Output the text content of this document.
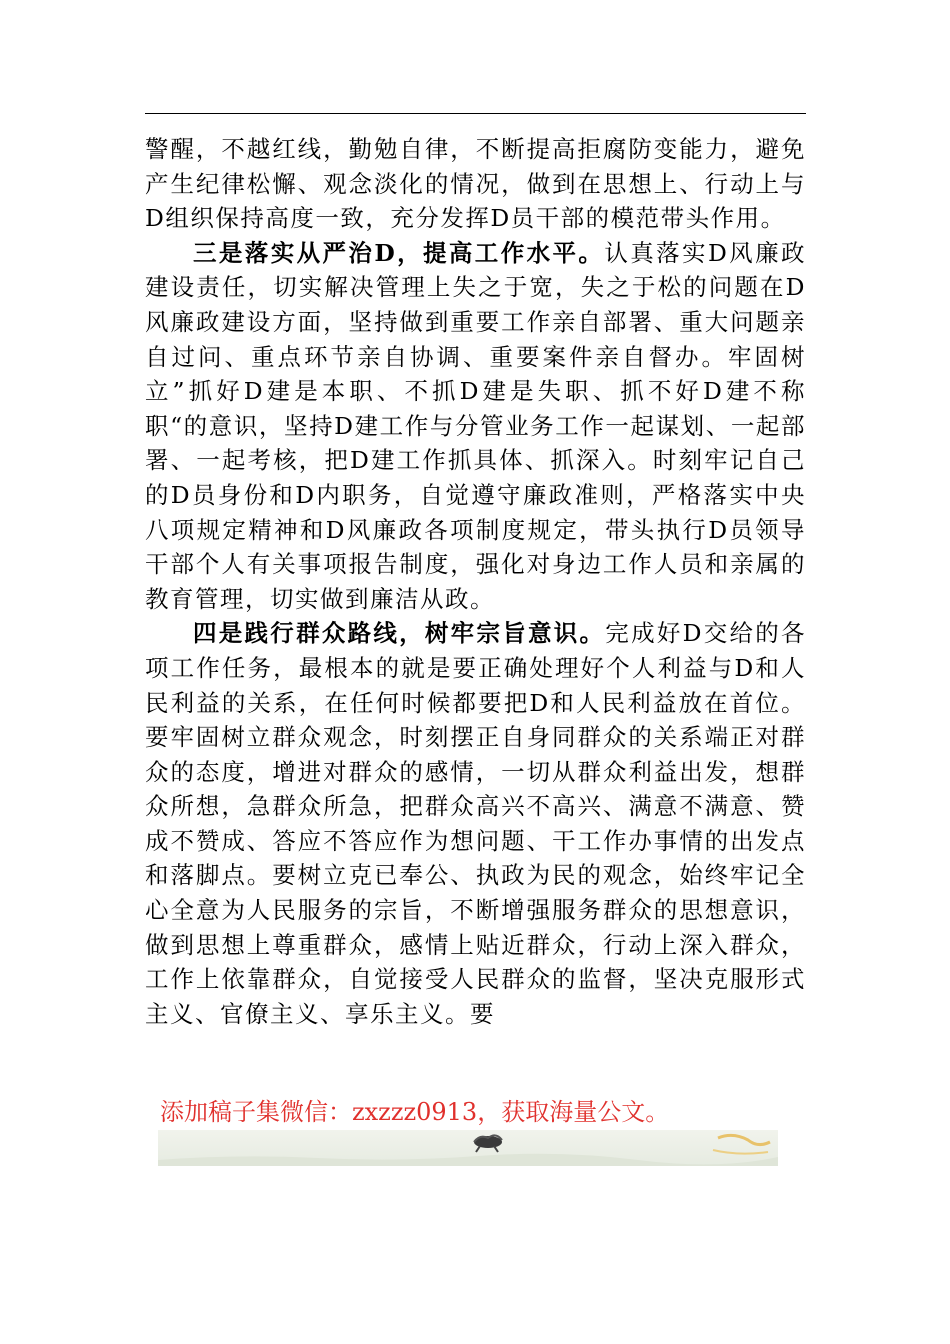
警醒，不越红线，勤勉自律，不断提高拒腐防变能力，避免产生纪律松懈、观念淡化的情况，做到在思想上、行动上与D组织保持高度一致，充分发挥D员干部的模范带头作用。

三是落实从严治D，提高工作水平。认真落实D风廉政建设责任，切实解决管理上失之于宽，失之于松的问题在D风廉政建设方面，坚持做到重要工作亲自部署、重大问题亲自过问、重点环节亲自协调、重要案件亲自督办。牢固树立”抓好D建是本职、不抓D建是失职、抓不好D建不称职“的意识，坚持D建工作与分管业务工作一起谋划、一起部署、一起考核，把D建工作抓具体、抓深入。时刻牢记自己的D员身份和D内职务，自觉遵守廉政准则，严格落实中央八项规定精神和D风廉政各项制度规定，带头执行D员领导干部个人有关事项报告制度，强化对身边工作人员和亲属的教育管理，切实做到廉洁从政。

四是践行群众路线，树牢宗旨意识。完成好D交给的各项工作任务，最根本的就是要正确处理好个人利益与D和人民利益的关系，在任何时候都要把D和人民利益放在首位。要牢固树立群众观念，时刻摆正自身同群众的关系端正对群众的态度，增进对群众的感情，一切从群众利益出发，想群众所想，急群众所急，把群众高兴不高兴、满意不满意、赞成不赞成、答应不答应作为想问题、干工作办事情的出发点和落脚点。要树立克已奉公、执政为民的观念，始终牢记全心全意为人民服务的宗旨，不断增强服务群众的思想意识，做到思想上尊重群众，感情上贴近群众，行动上深入群众，工作上依靠群众，自觉接受人民群众的监督，坚决克服形式主义、官僚主义、享乐主义。要

添加稿子集微信：zxzzz0913，获取海量公文。
